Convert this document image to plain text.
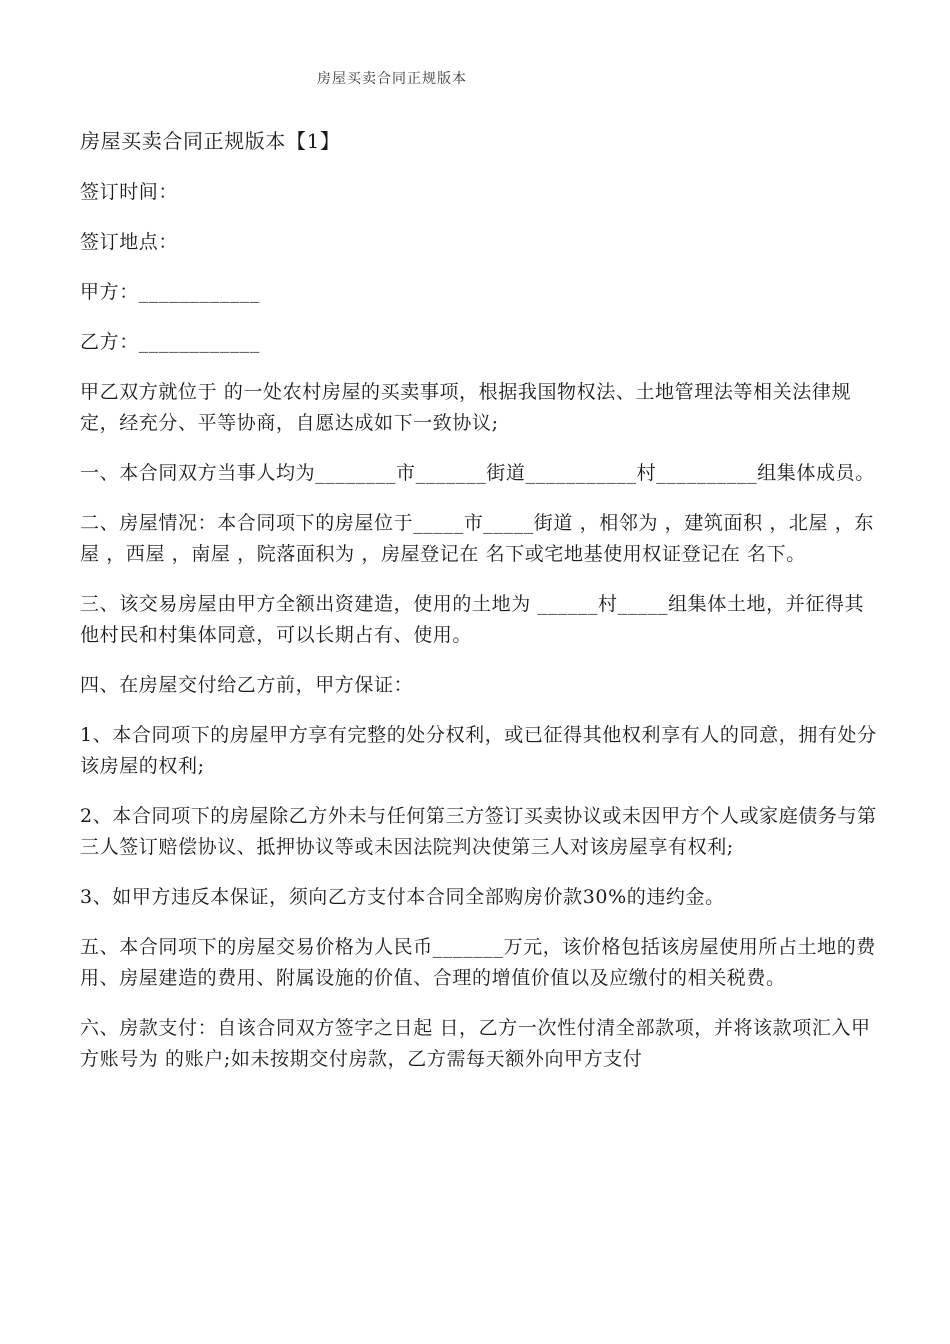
房屋买卖合同正规版本

房屋买卖合同正规版本【1】

签订时间：

签订地点：

甲方：____________

乙方：____________

甲乙双方就位于 的一处农村房屋的买卖事项，根据我国物权法、土地管理法等相关法律规定，经充分、平等协商，自愿达成如下一致协议;

一、本合同双方当事人均为________市_______街道___________村__________组集体成员。

二、房屋情况：本合同项下的房屋位于_____市_____街道 ，相邻为 ，建筑面积 ，北屋 ，东屋 ，西屋 ，南屋 ，院落面积为 ，房屋登记在 名下或宅地基使用权证登记在 名下。

三、该交易房屋由甲方全额出资建造，使用的土地为 ______村_____组集体土地，并征得其他村民和村集体同意，可以长期占有、使用。

四、在房屋交付给乙方前，甲方保证：

1、本合同项下的房屋甲方享有完整的处分权利，或已征得其他权利享有人的同意，拥有处分该房屋的权利;

2、本合同项下的房屋除乙方外未与任何第三方签订买卖协议或未因甲方个人或家庭债务与第三人签订赔偿协议、抵押协议等或未因法院判决使第三人对该房屋享有权利;

3、如甲方违反本保证，须向乙方支付本合同全部购房价款30%的违约金。

五、本合同项下的房屋交易价格为人民币_______万元，该价格包括该房屋使用所占土地的费用、房屋建造的费用、附属设施的价值、合理的增值价值以及应缴付的相关税费。

六、房款支付：自该合同双方签字之日起 日，乙方一次性付清全部款项，并将该款项汇入甲方账号为 的账户;如未按期交付房款，乙方需每天额外向甲方支付
